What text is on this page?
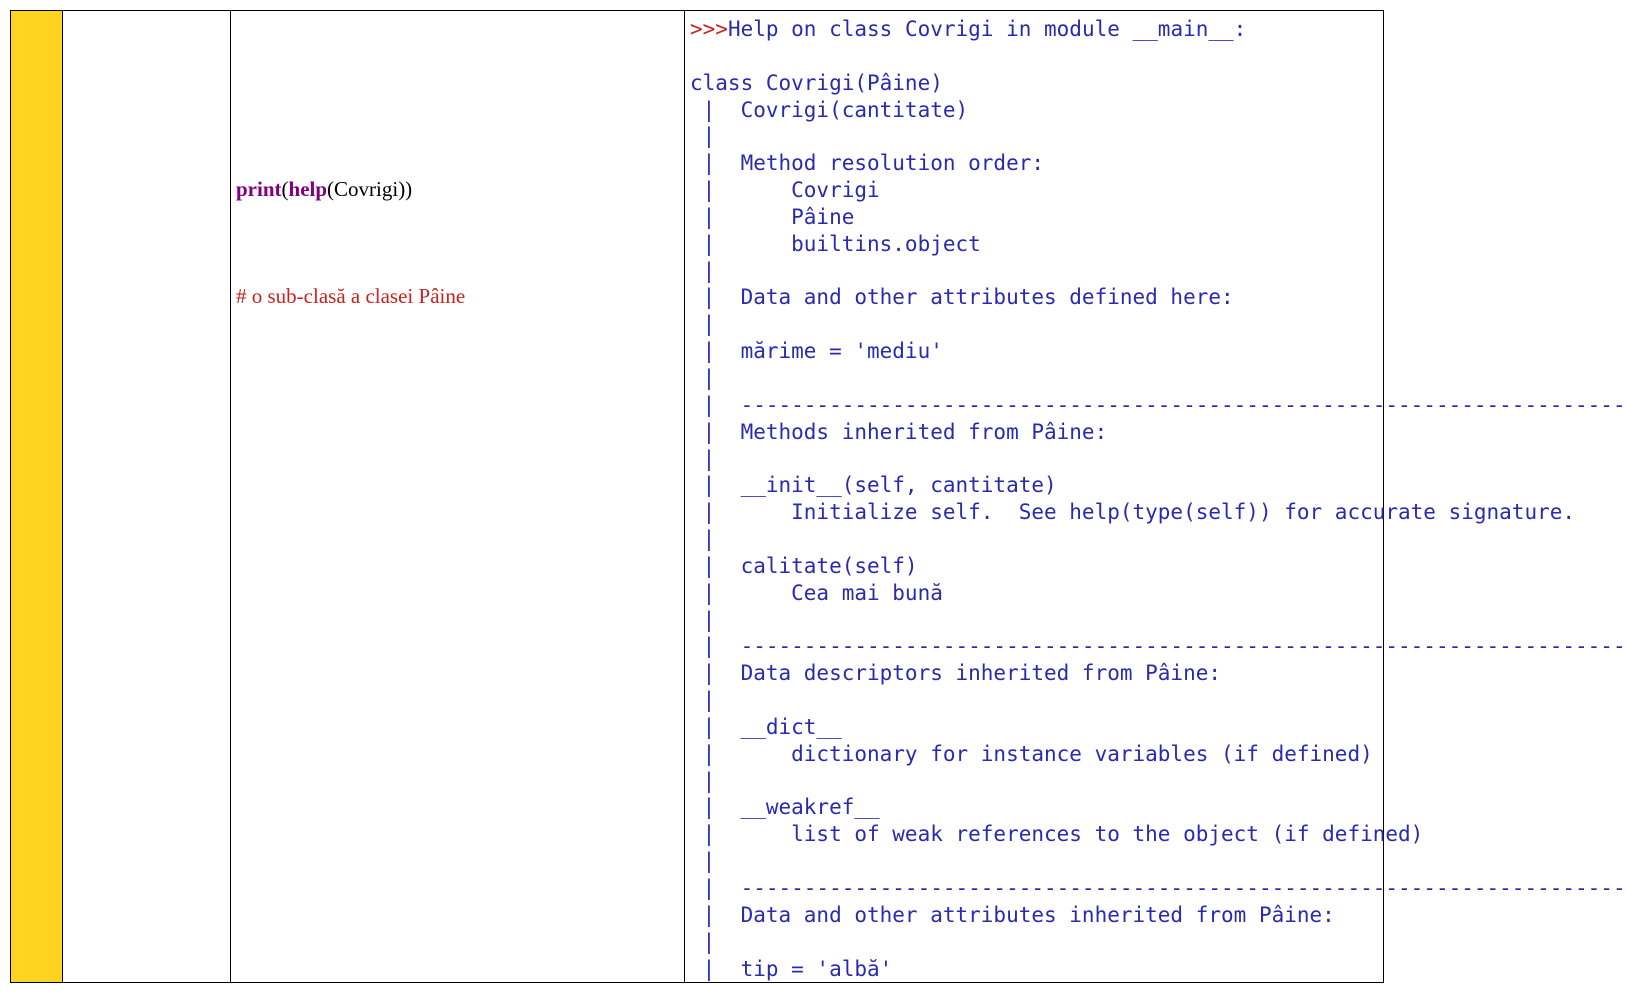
print(help(Covrigi))
# o sub-clasă a clasei Pâine
>>>Help on class Covrigi in module __main__:
class Covrigi(Pâine)
|  Covrigi(cantitate)
|
|  Method resolution order:
|      Covrigi
|      Pâine
|      builtins.object
|
|  Data and other attributes defined here:
|
|  mărime = 'mediu'
|
|  ----------------------------------------------------------------------
|  Methods inherited from Pâine:
|
|  __init__(self, cantitate)
|      Initialize self.  See help(type(self)) for accurate signature.
|
|  calitate(self)
|      Cea mai bună
|
|  ----------------------------------------------------------------------
|  Data descriptors inherited from Pâine:
|
|  __dict__
|      dictionary for instance variables (if defined)
|
|  __weakref__
|      list of weak references to the object (if defined)
|
|  ----------------------------------------------------------------------
|  Data and other attributes inherited from Pâine:
|
|  tip = 'albă'
